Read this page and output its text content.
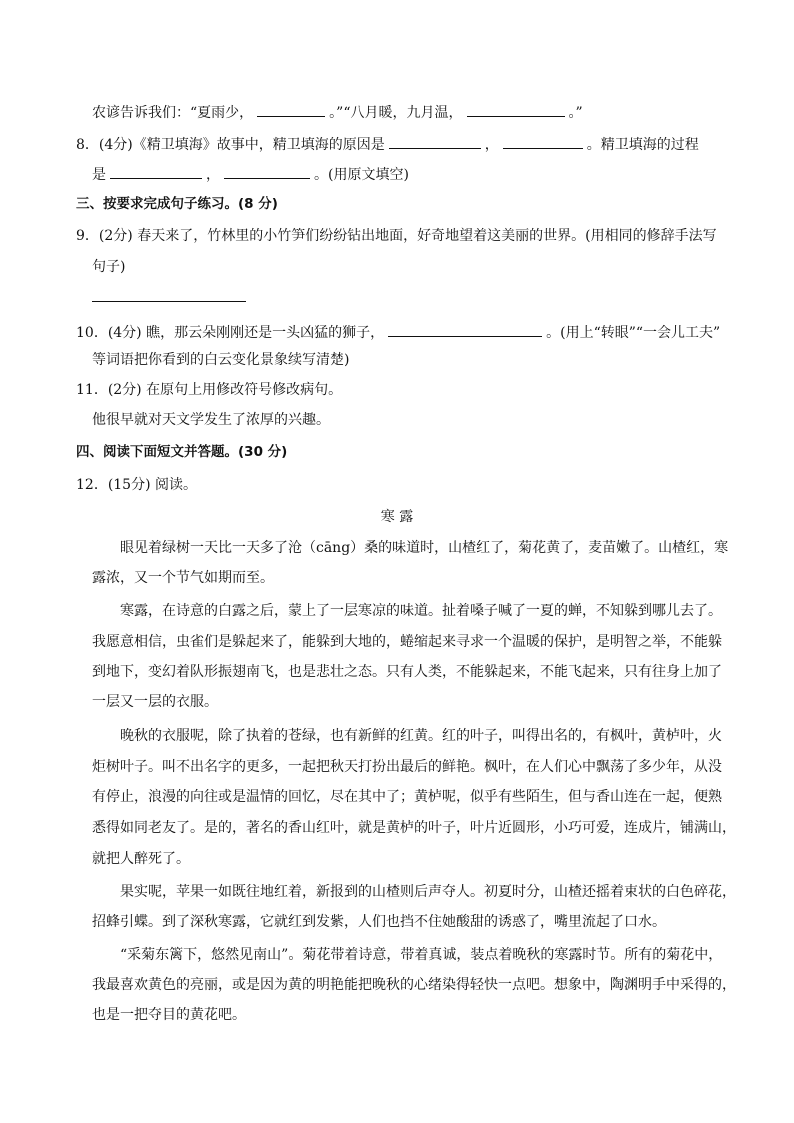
农谚告诉我们：“夏雨少，	。”“八月暖，九月温，	。”
8．(4分)《精卫填海》故事中，精卫填海的原因是	，	。精卫填海的过程
是	，	。(用原文填空)
三、按要求完成句子练习。(8 分)
9．(2分) 春天来了，竹林里的小竹笋们纷纷钻出地面，好奇地望着这美丽的世界。(用相同的修辞手法写
句子)
10．(4分) 瞧，那云朵刚刚还是一头凶猛的狮子，	。(用上“转眼”“一会儿工夫”
等词语把你看到的白云变化景象续写清楚)
11．(2分) 在原句上用修改符号修改病句。
他很早就对天文学发生了浓厚的兴趣。
四、阅读下面短文并答题。(30 分)
12．(15分) 阅读。
寒 露
眼见着绿树一天比一天多了沧（cāng）桑的味道时，山楂红了，菊花黄了，麦苗嫩了。山楂红，寒
露浓，又一个节气如期而至。
寒露，在诗意的白露之后，蒙上了一层寒凉的味道。扯着嗓子喊了一夏的蝉，不知躲到哪儿去了。
我愿意相信，虫雀们是躲起来了，能躲到大地的，蜷缩起来寻求一个温暖的保护，是明智之举，不能躲
到地下，变幻着队形振翅南飞，也是悲壮之态。只有人类，不能躲起来，不能飞起来，只有往身上加了
一层又一层的衣服。
晚秋的衣服呢，除了执着的苍绿，也有新鲜的红黄。红的叶子，叫得出名的，有枫叶，黄栌叶，火
炬树叶子。叫不出名字的更多，一起把秋天打扮出最后的鲜艳。枫叶，在人们心中飘荡了多少年，从没
有停止，浪漫的向往或是温情的回忆，尽在其中了；黄栌呢，似乎有些陌生，但与香山连在一起，便熟
悉得如同老友了。是的，著名的香山红叶，就是黄栌的叶子，叶片近圆形，小巧可爱，连成片，铺满山，
就把人醉死了。
果实呢，苹果一如既往地红着，新报到的山楂则后声夺人。初夏时分，山楂还摇着束状的白色碎花，
招蜂引蝶。到了深秋寒露，它就红到发紫，人们也挡不住她酸甜的诱惑了，嘴里流起了口水。
“采菊东篱下，悠然见南山”。菊花带着诗意，带着真诚，装点着晚秋的寒露时节。所有的菊花中，
我最喜欢黄色的亮丽，或是因为黄的明艳能把晚秋的心绪染得轻快一点吧。想象中，陶渊明手中采得的，
也是一把夺目的黄花吧。
